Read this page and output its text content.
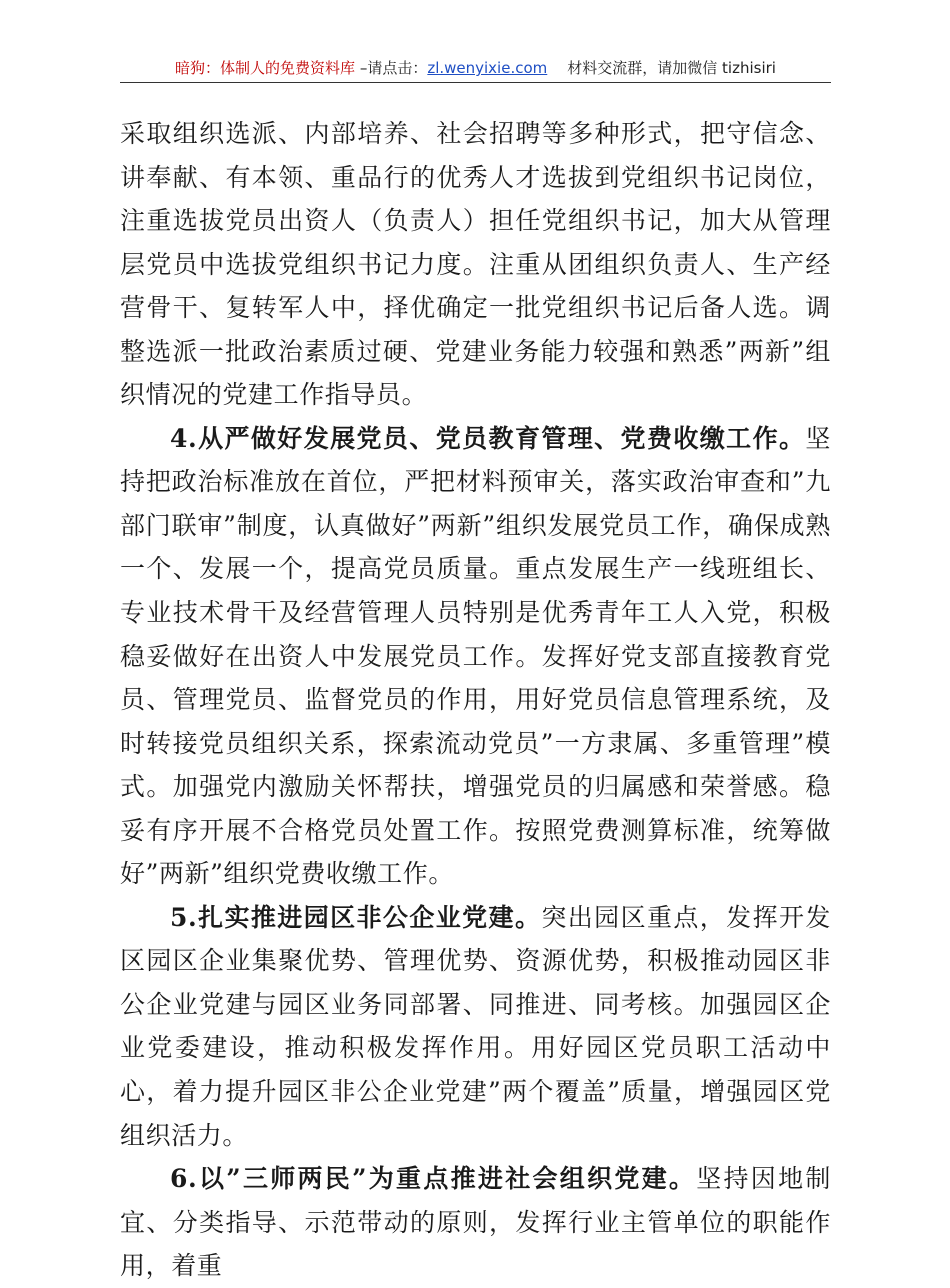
暗狗：体制人的免费资料库 –请点击：zl.wenyixie.com 材料交流群，请加微信 tizhisiri

采取组织选派、内部培养、社会招聘等多种形式，把守信念、讲奉献、有本领、重品行的优秀人才选拔到党组织书记岗位，注重选拔党员出资人（负责人）担任党组织书记，加大从管理层党员中选拔党组织书记力度。注重从团组织负责人、生产经营骨干、复转军人中，择优确定一批党组织书记后备人选。调整选派一批政治素质过硬、党建业务能力较强和熟悉”两新”组织情况的党建工作指导员。

4.从严做好发展党员、党员教育管理、党费收缴工作。坚持把政治标准放在首位，严把材料预审关，落实政治审查和”九部门联审”制度，认真做好”两新”组织发展党员工作，确保成熟一个、发展一个，提高党员质量。重点发展生产一线班组长、专业技术骨干及经营管理人员特别是优秀青年工人入党，积极稳妥做好在出资人中发展党员工作。发挥好党支部直接教育党员、管理党员、监督党员的作用，用好党员信息管理系统，及时转接党员组织关系，探索流动党员”一方隶属、多重管理”模式。加强党内激励关怀帮扶，增强党员的归属感和荣誉感。稳妥有序开展不合格党员处置工作。按照党费测算标准，统筹做好”两新”组织党费收缴工作。

5.扎实推进园区非公企业党建。突出园区重点，发挥开发区园区企业集聚优势、管理优势、资源优势，积极推动园区非公企业党建与园区业务同部署、同推进、同考核。加强园区企业党委建设，推动积极发挥作用。用好园区党员职工活动中心，着力提升园区非公企业党建”两个覆盖”质量，增强园区党组织活力。

6.以”三师两民”为重点推进社会组织党建。坚持因地制宜、分类指导、示范带动的原则，发挥行业主管单位的职能作用，着重
